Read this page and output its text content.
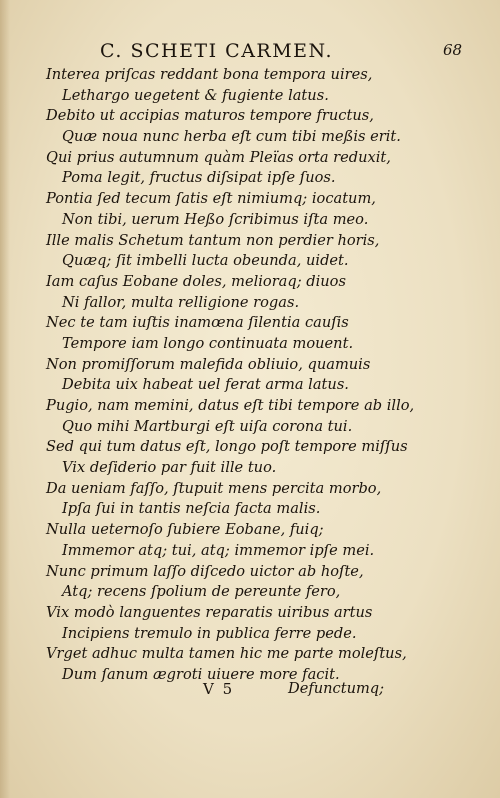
C. SCHETI CARMEN.	68
Interea priſcas reddant bona tempora uires,
Lethargo uegetent & fugiente latus.
Debito ut accipias maturos tempore fructus,
Quæ noua nunc herba eſt cum tibi meßis erit.
Qui prius autumnum quàm Pleïas orta reduxit,
Poma legit, fructus diſsipat ipſe ſuos.
Pontia ſed tecum ſatis eſt nimiumq; iocatum,
Non tibi, uerum Heßo ſcribimus iſta meo.
Ille malis Schetum tantum non perdier horis,
Quæq; ſit imbelli lucta obeunda, uidet.
Iam caſus Eobane doles, melioraq; diuos
Ni fallor, multa relligione rogas.
Nec te tam iuſtis inamœna ſilentia cauſis
Tempore iam longo continuata mouent.
Non promiſſorum malefida obliuio, quamuis
Debita uix habeat uel ferat arma latus.
Pugio, nam memini, datus eſt tibi tempore ab illo,
Quo mihi Martburgi eſt uiſa corona tui.
Sed qui tum datus eſt, longo poſt tempore miſſus
Vix deſiderio par fuit ille tuo.
Da ueniam faſſo, ſtupuit mens percita morbo,
Ipſa ſui in tantis neſcia facta malis.
Nulla ueternoſo ſubiere Eobane, fuiq;
Immemor atq; tui, atq; immemor ipſe mei.
Nunc primum laſſo diſcedo uictor ab hoſte,
Atq; recens ſpolium de pereunte fero,
Vix modò languentes reparatis uiribus artus
Incipiens tremulo in publica ferre pede.
Vrget adhuc multa tamen hic me parte moleſtus,
Dum ſanum ægroti uiuere more facit.
V 5	Defunctumq;
